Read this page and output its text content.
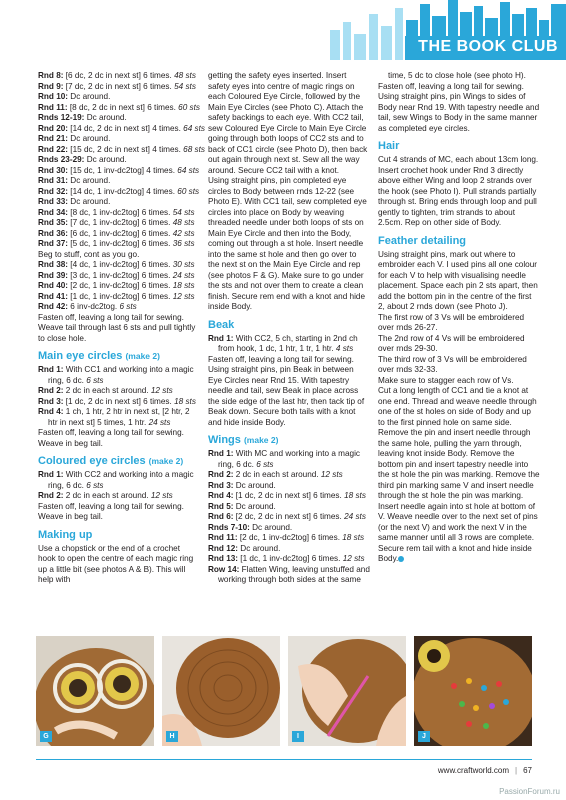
THE BOOK CLUB
Rnd 8: [6 dc, 2 dc in next st] 6 times. 48 sts
Rnd 9: [7 dc, 2 dc in next st] 6 times. 54 sts
Rnd 10: Dc around.
Rnd 11: [8 dc, 2 dc in next st] 6 times. 60 sts
Rnds 12-19: Dc around.
Rnd 20: [14 dc, 2 dc in next st] 4 times. 64 sts
Rnd 21: Dc around.
Rnd 22: [15 dc, 2 dc in next st] 4 times. 68 sts
Rnds 23-29: Dc around.
Rnd 30: [15 dc, 1 inv-dc2tog] 4 times. 64 sts
Rnd 31: Dc around.
Rnd 32: [14 dc, 1 inv-dc2tog] 4 times. 60 sts
Rnd 33: Dc around.
Rnd 34: [8 dc, 1 inv-dc2tog] 6 times. 54 sts
Rnd 35: [7 dc, 1 inv-dc2tog] 6 times. 48 sts
Rnd 36: [6 dc, 1 inv-dc2tog] 6 times. 42 sts
Rnd 37: [5 dc, 1 inv-dc2tog] 6 times. 36 sts
Beg to stuff, cont as you go.
Rnd 38: [4 dc, 1 inv-dc2tog] 6 times. 30 sts
Rnd 39: [3 dc, 1 inv-dc2tog] 6 times. 24 sts
Rnd 40: [2 dc, 1 inv-dc2tog] 6 times. 18 sts
Rnd 41: [1 dc, 1 inv-dc2tog] 6 times. 12 sts
Rnd 42: 6 inv-dc2tog. 6 sts
Fasten off, leaving a long tail for sewing. Weave tail through last 6 sts and pull tightly to close hole.
Main eye circles (make 2)
Rnd 1: With CC1 and working into a magic
ring, 6 dc. 6 sts
Rnd 2: 2 dc in each st around. 12 sts
Rnd 3: [1 dc, 2 dc in next st] 6 times. 18 sts
Rnd 4: 1 ch, 1 htr, 2 htr in next st, [2 htr, 2
htr in next st] 5 times, 1 htr. 24 sts
Fasten off, leaving a long tail for sewing. Weave in beg tail.
Coloured eye circles (make 2)
Rnd 1: With CC2 and working into a magic
ring, 6 dc. 6 sts
Rnd 2: 2 dc in each st around. 12 sts
Fasten off, leaving a long tail for sewing. Weave in beg tail.
Making up
Use a chopstick or the end of a crochet hook to open the centre of each magic ring up a little bit (see photos A & B). This will help with
getting the safety eyes inserted. Insert safety eyes into centre of magic rings on each Coloured Eye Circle, followed by the Main Eye Circles (see Photo C). Attach the safety backings to each eye. With CC2 tail, sew Coloured Eye Circle to Main Eye Circle going through both loops of CC2 sts and to back of CC1 circle (see Photo D), then back out again through next st. Sew all the way around. Secure CC2 tail with a knot.
Using straight pins, pin completed eye circles to Body between rnds 12-22 (see Photo E). With CC1 tail, sew completed eye circles into place on Body by weaving threaded needle under both loops of sts on Main Eye Circle and then into the Body, coming out through a st hole. Insert needle into the same st hole and then go over to the next st on the Main Eye Circle and rep (see photos F & G). Make sure to go under the sts and not over them to create a clean finish. Secure rem end with a knot and hide inside Body.
Beak
Rnd 1: With CC2, 5 ch, starting in 2nd ch
from hook, 1 dc, 1 htr, 1 tr, 1 htr. 4 sts
Fasten off, leaving a long tail for sewing. Using straight pins, pin Beak in between Eye Circles near Rnd 15. With tapestry needle and tail, sew Beak in place across the side edge of the last htr, then tack tip of Beak down. Secure both tails with a knot and hide inside Body.
Wings (make 2)
Rnd 1: With MC and working into a magic
ring, 6 dc. 6 sts
Rnd 2: 2 dc in each st around. 12 sts
Rnd 3: Dc around.
Rnd 4: [1 dc, 2 dc in next st] 6 times. 18 sts
Rnd 5: Dc around.
Rnd 6: [2 dc, 2 dc in next st] 6 times. 24 sts
Rnds 7-10: Dc around.
Rnd 11: [2 dc, 1 inv-dc2tog] 6 times. 18 sts
Rnd 12: Dc around.
Rnd 13: [1 dc, 1 inv-dc2tog] 6 times. 12 sts
Row 14: Flatten Wing, leaving unstuffed and
working through both sides at the same
time, 5 dc to close hole (see photo H).
Fasten off, leaving a long tail for sewing. Using straight pins, pin Wings to sides of Body near Rnd 19. With tapestry needle and tail, sew Wings to Body in the same manner as completed eye circles.
Hair
Cut 4 strands of MC, each about 13cm long. Insert crochet hook under Rnd 3 directly above either Wing and loop 2 strands over the hook (see Photo I). Pull strands partially through st. Bring ends through loop and pull gently to tighten, trim strands to about 2.5cm. Rep on other side of Body.
Feather detailing
Using straight pins, mark out where to embroider each V. I used pins all one colour for each V to help with visualising needle placement. Space each pin 2 sts apart, then add the bottom pin in the centre of the first 2, about 2 rnds down (see Photo J).
The first row of 3 Vs will be embroidered over rnds 26-27.
The 2nd row of 4 Vs will be embroidered over rnds 29-30.
The third row of 3 Vs will be embroidered over rnds 32-33.
Make sure to stagger each row of Vs.
Cut a long length of CC1 and tie a knot at one end. Thread and weave needle through one of the st holes on side of Body and up to the first pinned hole on same side. Remove the pin and insert needle through the same hole, pulling the yarn through, leaving knot inside Body. Remove the bottom pin and insert tapestry needle into the st hole the pin was marking. Remove the third pin marking same V and insert needle through the st hole the pin was marking. Insert needle again into st hole at bottom of V. Weave needle over to the next set of pins (or the next V) and work the next V in the same manner until all 3 rows are complete. Secure rem tail with a knot and hide inside Body.
G	H	I	J
www.craftworld.com | 67
PassionForum.ru
